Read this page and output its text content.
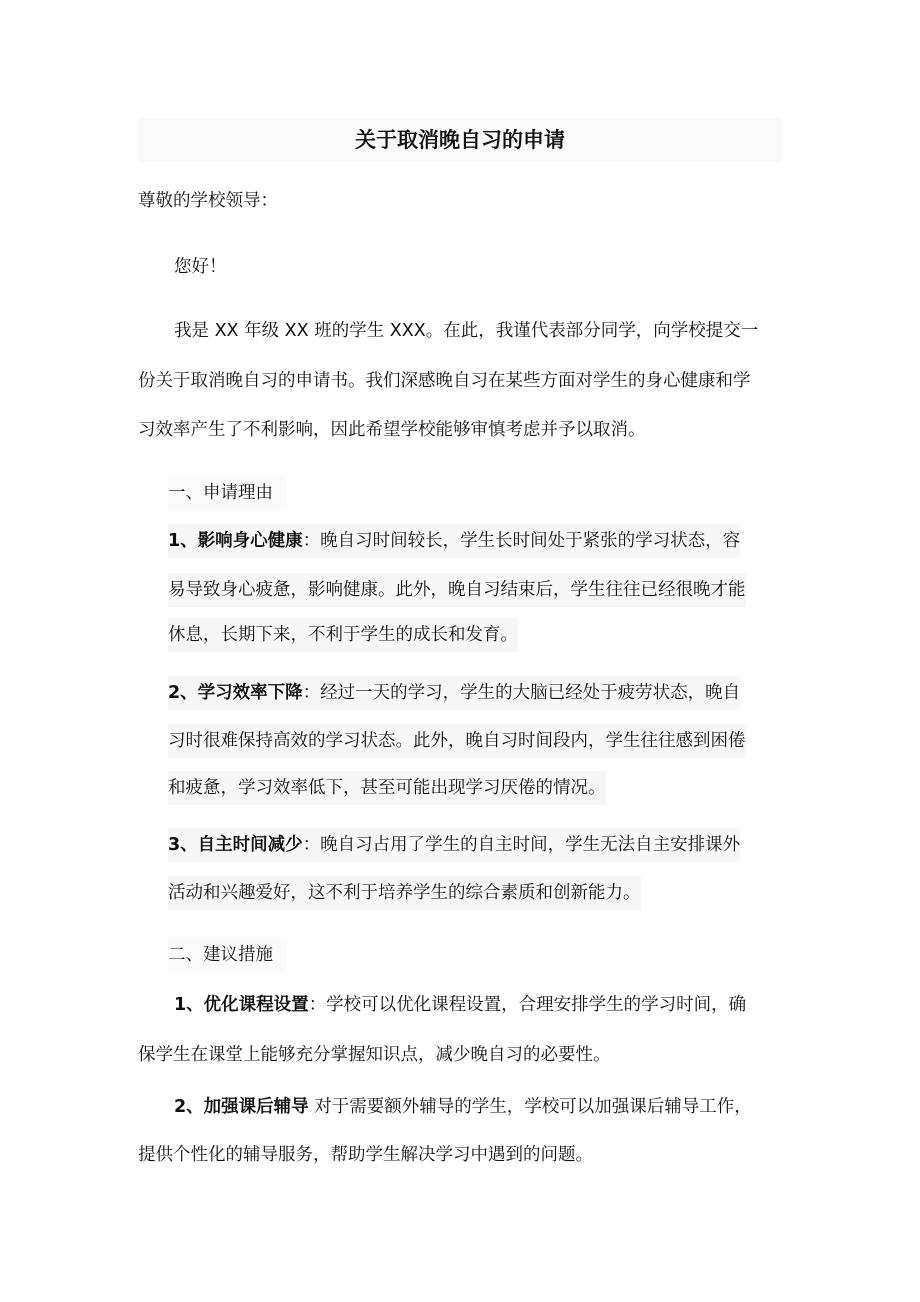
关于取消晚自习的申请
尊敬的学校领导：
您好！
我是 XX 年级 XX 班的学生 XXX。在此，我谨代表部分同学，向学校提交一
份关于取消晚自习的申请书。我们深感晚自习在某些方面对学生的身心健康和学
习效率产生了不利影响，因此希望学校能够审慎考虑并予以取消。
一、申请理由
1、影响身心健康：晚自习时间较长，学生长时间处于紧张的学习状态，容
易导致身心疲惫，影响健康。此外，晚自习结束后，学生往往已经很晚才能
休息，长期下来，不利于学生的成长和发育。
2、学习效率下降：经过一天的学习，学生的大脑已经处于疲劳状态，晚自
习时很难保持高效的学习状态。此外，晚自习时间段内，学生往往感到困倦
和疲惫，学习效率低下，甚至可能出现学习厌倦的情况。
3、自主时间减少：晚自习占用了学生的自主时间，学生无法自主安排课外
活动和兴趣爱好，这不利于培养学生的综合素质和创新能力。
二、建议措施
1、优化课程设置：学校可以优化课程设置，合理安排学生的学习时间，确
保学生在课堂上能够充分掌握知识点，减少晚自习的必要性。
2、加强课后辅导 对于需要额外辅导的学生，学校可以加强课后辅导工作，
提供个性化的辅导服务，帮助学生解决学习中遇到的问题。
